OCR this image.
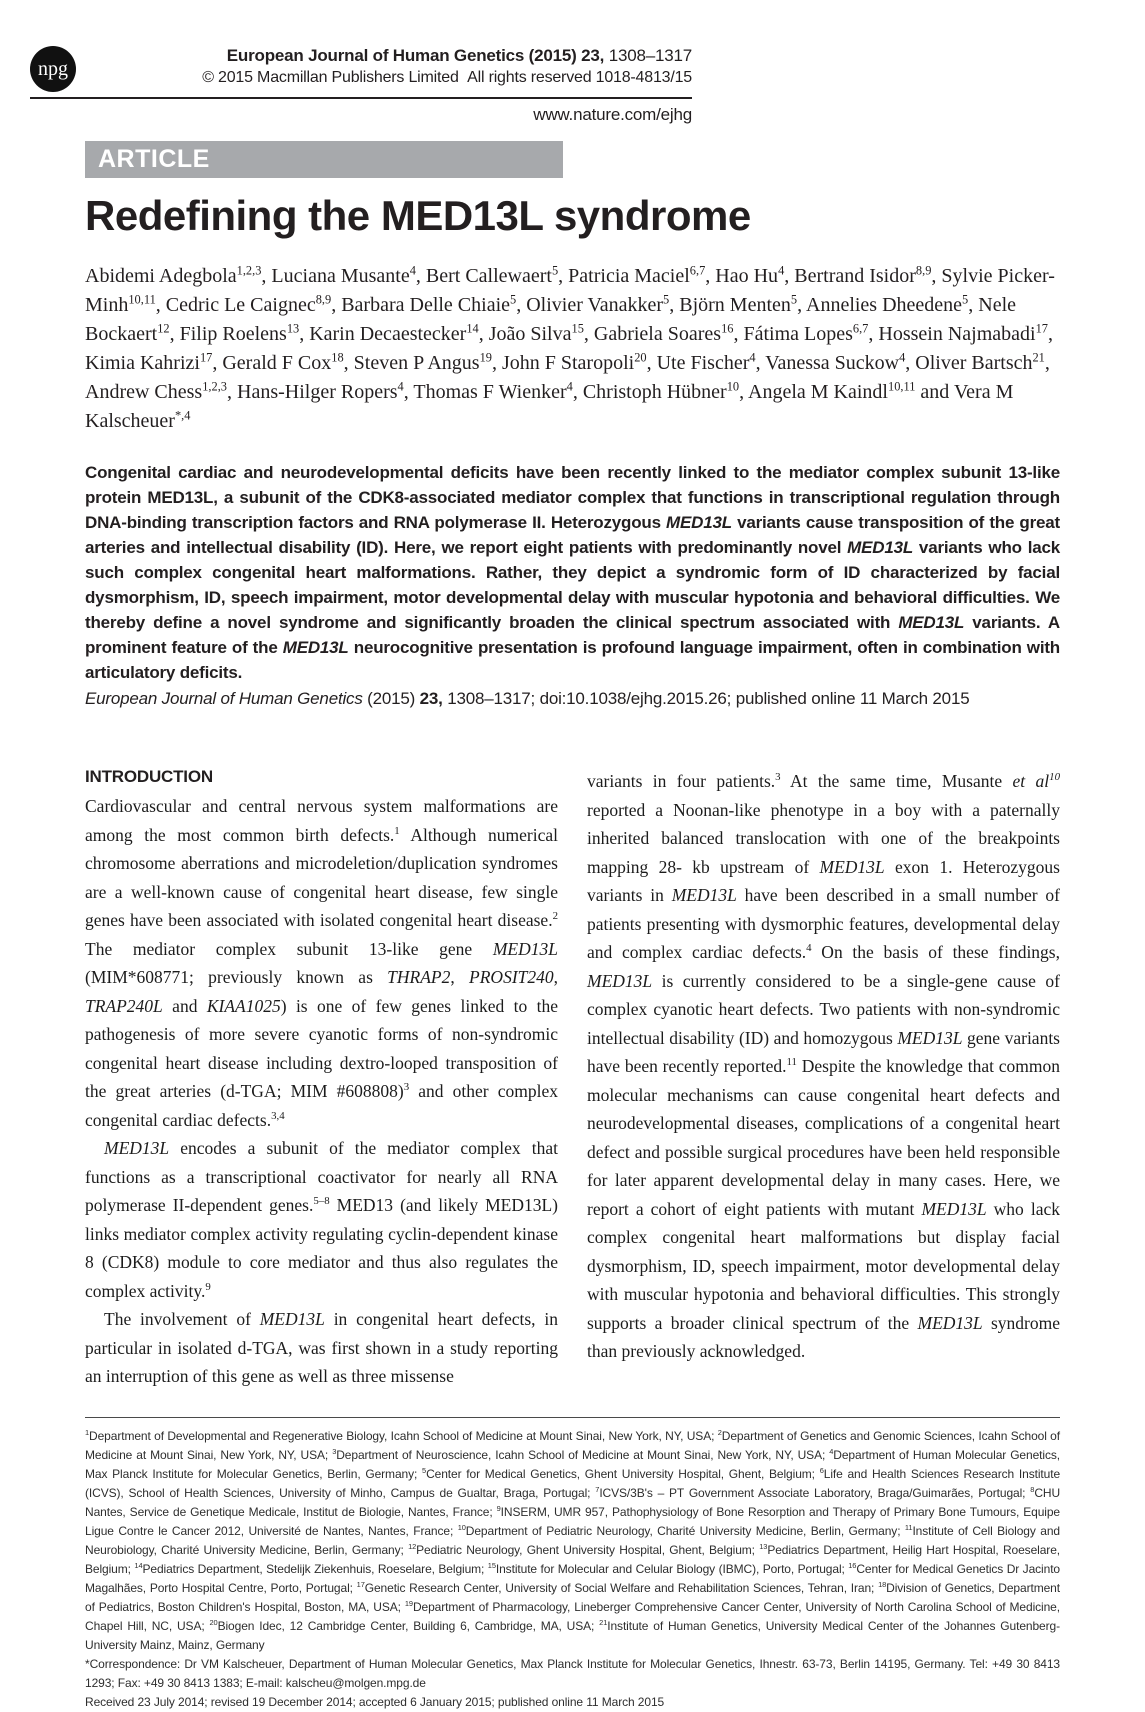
npg
European Journal of Human Genetics (2015) 23, 1308–1317
© 2015 Macmillan Publishers Limited  All rights reserved 1018-4813/15
www.nature.com/ejhg
ARTICLE
Redefining the MED13L syndrome
Abidemi Adegbola$^{1,2,3}$, Luciana Musante$^4$, Bert Callewaert$^5$, Patricia Maciel$^{6,7}$, Hao Hu$^4$, Bertrand Isidor$^{8,9}$, Sylvie Picker-Minh$^{10,11}$, Cedric Le Caignec$^{8,9}$, Barbara Delle Chiaie$^5$, Olivier Vanakker$^5$, Björn Menten$^5$, Annelies Dheedene$^5$, Nele Bockaert$^{12}$, Filip Roelens$^{13}$, Karin Decaestecker$^{14}$, João Silva$^{15}$, Gabriela Soares$^{16}$, Fátima Lopes$^{6,7}$, Hossein Najmabadi$^{17}$, Kimia Kahrizi$^{17}$, Gerald F Cox$^{18}$, Steven P Angus$^{19}$, John F Staropoli$^{20}$, Ute Fischer$^4$, Vanessa Suckow$^4$, Oliver Bartsch$^{21}$, Andrew Chess$^{1,2,3}$, Hans-Hilger Ropers$^4$, Thomas F Wienker$^4$, Christoph Hübner$^{10}$, Angela M Kaindl$^{10,11}$ and Vera M Kalscheuer$^{*,4}$
Congenital cardiac and neurodevelopmental deficits have been recently linked to the mediator complex subunit 13-like protein MED13L, a subunit of the CDK8-associated mediator complex that functions in transcriptional regulation through DNA-binding transcription factors and RNA polymerase II. Heterozygous MED13L variants cause transposition of the great arteries and intellectual disability (ID). Here, we report eight patients with predominantly novel MED13L variants who lack such complex congenital heart malformations. Rather, they depict a syndromic form of ID characterized by facial dysmorphism, ID, speech impairment, motor developmental delay with muscular hypotonia and behavioral difficulties. We thereby define a novel syndrome and significantly broaden the clinical spectrum associated with MED13L variants. A prominent feature of the MED13L neurocognitive presentation is profound language impairment, often in combination with articulatory deficits.
European Journal of Human Genetics (2015) 23, 1308–1317; doi:10.1038/ejhg.2015.26; published online 11 March 2015
INTRODUCTION

Cardiovascular and central nervous system malformations are among the most common birth defects.$^1$ Although numerical chromosome aberrations and microdeletion/duplication syndromes are a well-known cause of congenital heart disease, few single genes have been associated with isolated congenital heart disease.$^2$ The mediator complex subunit 13-like gene MED13L (MIM*608771; previously known as THRAP2, PROSIT240, TRAP240L and KIAA1025) is one of few genes linked to the pathogenesis of more severe cyanotic forms of non-syndromic congenital heart disease including dextro-looped transposition of the great arteries (d-TGA; MIM #608808)$^3$ and other complex congenital cardiac defects.$^{3,4}$

MED13L encodes a subunit of the mediator complex that functions as a transcriptional coactivator for nearly all RNA polymerase II-dependent genes.$^{5-8}$ MED13 (and likely MED13L) links mediator complex activity regulating cyclin-dependent kinase 8 (CDK8) module to core mediator and thus also regulates the complex activity.$^9$

The involvement of MED13L in congenital heart defects, in particular in isolated d-TGA, was first shown in a study reporting an interruption of this gene as well as three missense

variants in four patients.$^3$ At the same time, Musante et $al^{10}$ reported a Noonan-like phenotype in a boy with a paternally inherited balanced translocation with one of the breakpoints mapping 28- kb upstream of MED13L exon 1. Heterozygous variants in MED13L have been described in a small number of patients presenting with dysmorphic features, developmental delay and complex cardiac defects.$^4$ On the basis of these findings, MED13L is currently considered to be a single-gene cause of complex cyanotic heart defects. Two patients with non-syndromic intellectual disability (ID) and homozygous MED13L gene variants have been recently reported.$^{11}$ Despite the knowledge that common molecular mechanisms can cause congenital heart defects and neurodevelopmental diseases, complications of a congenital heart defect and possible surgical procedures have been held responsible for later apparent developmental delay in many cases. Here, we report a cohort of eight patients with mutant MED13L who lack complex congenital heart malformations but display facial dysmorphism, ID, speech impairment, motor developmental delay with muscular hypotonia and behavioral difficulties. This strongly supports a broader clinical spectrum of the MED13L syndrome than previously acknowledged.

$^1$Department of Developmental and Regenerative Biology, Icahn School of Medicine at Mount Sinai, New York, NY, USA; $^2$Department of Genetics and Genomic Sciences, Icahn School of Medicine at Mount Sinai, New York, NY, USA; $^3$Department of Neuroscience, Icahn School of Medicine at Mount Sinai, New York, NY, USA; $^4$Department of Human Molecular Genetics, Max Planck Institute for Molecular Genetics, Berlin, Germany; $^5$Center for Medical Genetics, Ghent University Hospital, Ghent, Belgium; $^6$Life and Health Sciences Research Institute (ICVS), School of Health Sciences, University of Minho, Campus de Gualtar, Braga, Portugal; $^7$ICVS/3B's – PT Government Associate Laboratory, Braga/Guimarães, Portugal; $^8$CHU Nantes, Service de Genetique Medicale, Institut de Biologie, Nantes, France; $^9$INSERM, UMR 957, Pathophysiology of Bone Resorption and Therapy of Primary Bone Tumours, Equipe Ligue Contre le Cancer 2012, Université de Nantes, Nantes, France; $^{10}$Department of Pediatric Neurology, Charité University Medicine, Berlin, Germany; $^{11}$Institute of Cell Biology and Neurobiology, Charité University Medicine, Berlin, Germany; $^{12}$Pediatric Neurology, Ghent University Hospital, Ghent, Belgium; $^{13}$Pediatrics Department, Heilig Hart Hospital, Roeselare, Belgium; $^{14}$Pediatrics Department, Stedelijk Ziekenhuis, Roeselare, Belgium; $^{15}$Institute for Molecular and Celular Biology (IBMC), Porto, Portugal; $^{16}$Center for Medical Genetics Dr Jacinto Magalhães, Porto Hospital Centre, Porto, Portugal; $^{17}$Genetic Research Center, University of Social Welfare and Rehabilitation Sciences, Tehran, Iran; $^{18}$Division of Genetics, Department of Pediatrics, Boston Children's Hospital, Boston, MA, USA; $^{19}$Department of Pharmacology, Lineberger Comprehensive Cancer Center, University of North Carolina School of Medicine, Chapel Hill, NC, USA; $^{20}$Biogen Idec, 12 Cambridge Center, Building 6, Cambridge, MA, USA; $^{21}$Institute of Human Genetics, University Medical Center of the Johannes Gutenberg-University Mainz, Mainz, Germany
*Correspondence: Dr VM Kalscheuer, Department of Human Molecular Genetics, Max Planck Institute for Molecular Genetics, Ihnestr. 63-73, Berlin 14195, Germany. Tel: +49 30 8413 1293; Fax: +49 30 8413 1383; E-mail: kalscheu@molgen.mpg.de
Received 23 July 2014; revised 19 December 2014; accepted 6 January 2015; published online 11 March 2015
